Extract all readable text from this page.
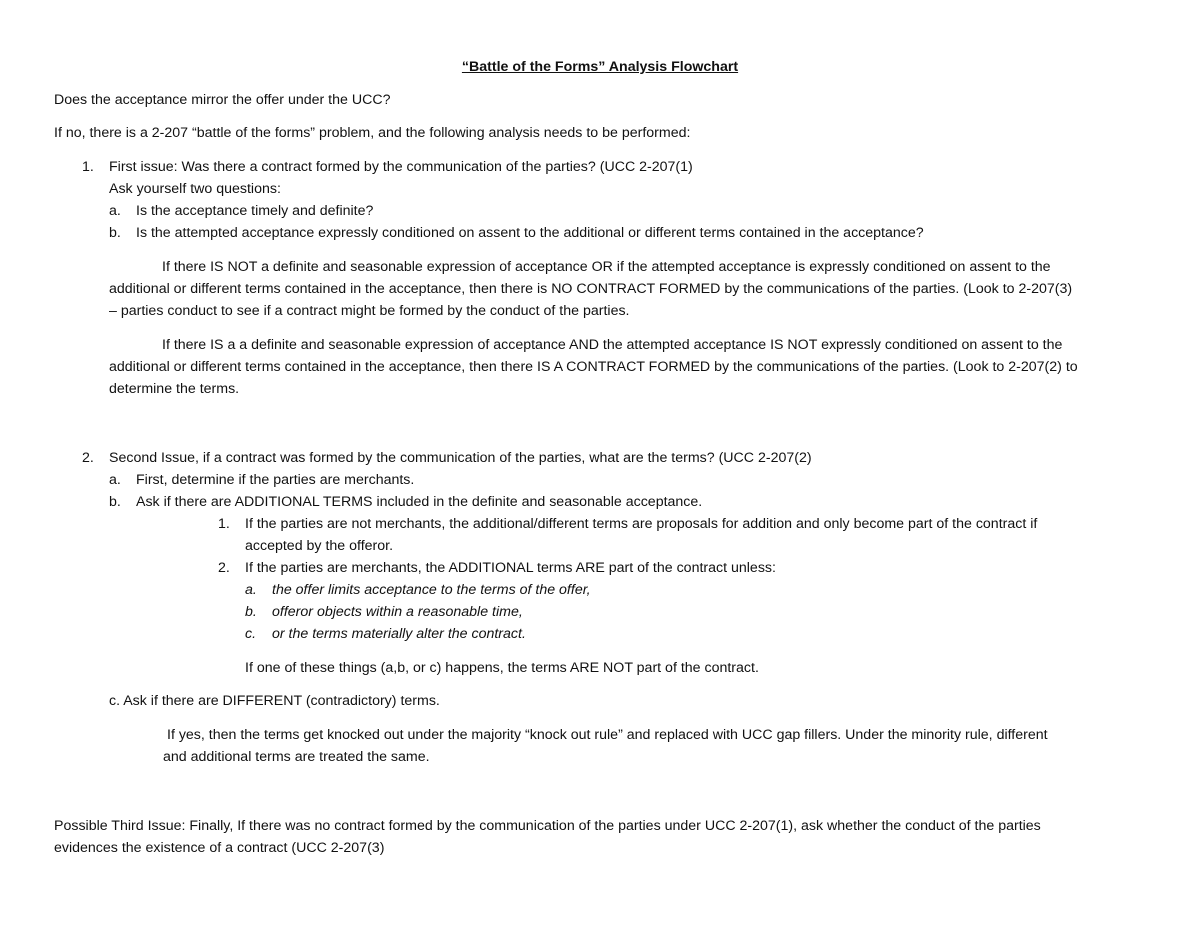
“Battle of the Forms” Analysis Flowchart
Does the acceptance mirror the offer under the UCC?
If no, there is a 2-207 “battle of the forms” problem, and the following analysis needs to be performed:
1. First issue: Was there a contract formed by the communication of the parties? (UCC 2-207(1)
Ask yourself two questions:
a. Is the acceptance timely and definite?
b. Is the attempted acceptance expressly conditioned on assent to the additional or different terms contained in the acceptance?
If there IS NOT a definite and seasonable expression of acceptance OR if the attempted acceptance is expressly conditioned on assent to the
additional or different terms contained in the acceptance, then there is NO CONTRACT FORMED by the communications of the parties. (Look to 2-207(3)
– parties conduct to see if a contract might be formed by the conduct of the parties.
If there IS a a definite and seasonable expression of acceptance AND the attempted acceptance IS NOT expressly conditioned on assent to the
additional or different terms contained in the acceptance, then there IS A CONTRACT FORMED by the communications of the parties. (Look to 2-207(2) to
determine the terms.
2. Second Issue, if a contract was formed by the communication of the parties, what are the terms? (UCC 2-207(2)
a. First, determine if the parties are merchants.
b. Ask if there are ADDITIONAL TERMS included in the definite and seasonable acceptance.
1. If the parties are not merchants, the additional/different terms are proposals for addition and only become part of the contract if
accepted by the offeror.
2. If the parties are merchants, the ADDITIONAL terms ARE part of the contract unless:
a. the offer limits acceptance to the terms of the offer,
b. offeror objects within a reasonable time,
c. or the terms materially alter the contract.
If one of these things (a,b, or c) happens, the terms ARE NOT part of the contract.
c. Ask if there are DIFFERENT (contradictory) terms.
If yes, then the terms get knocked out under the majority “knock out rule” and replaced with UCC gap fillers. Under the minority rule, different
and additional terms are treated the same.
Possible Third Issue: Finally, If there was no contract formed by the communication of the parties under UCC 2-207(1), ask whether the conduct of the parties
evidences the existence of a contract (UCC 2-207(3)
